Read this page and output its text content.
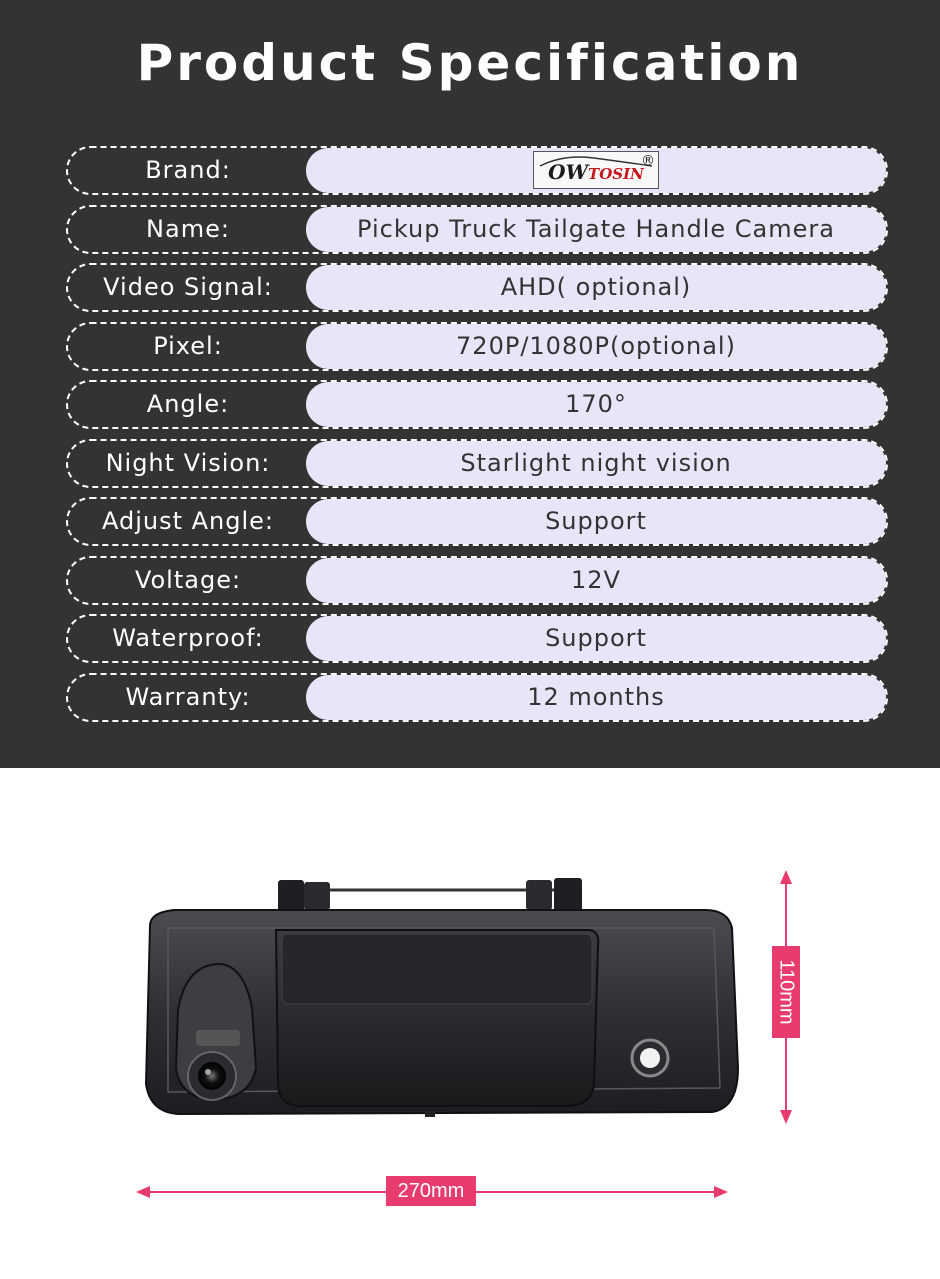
Product Specification
Brand:	OWTOSIN
®
Name:	Pickup Truck Tailgate Handle Camera
Video Signal:	AHD( optional)
Pixel:	720P/1080P(optional)
Angle:	170°
Night Vision:	Starlight night vision
Adjust Angle:	Support
Voltage:	12V
Waterproof:	Support
Warranty:	12 months
110mm
270mm
